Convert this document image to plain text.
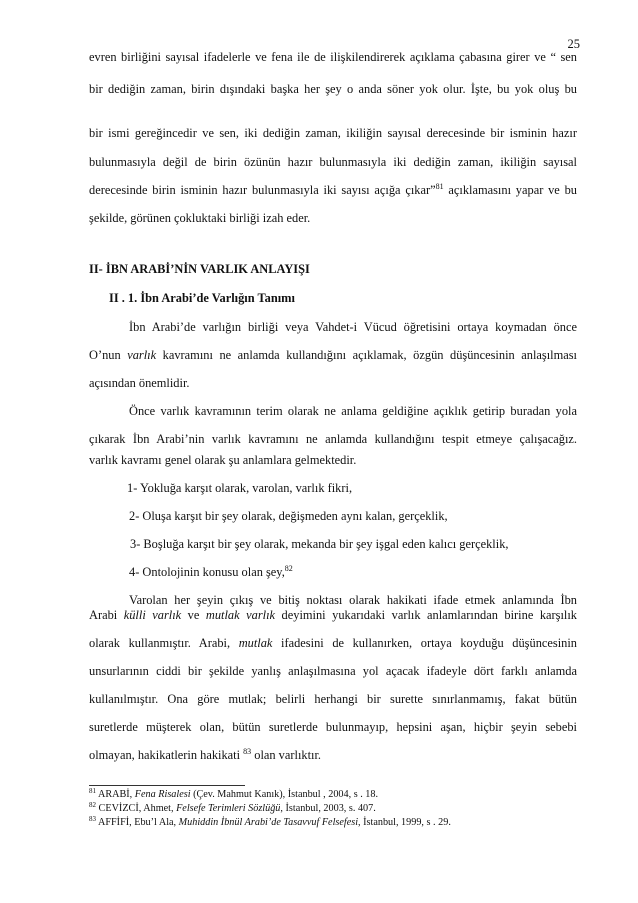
25
evren birliğini sayısal ifadelerle ve fena ile de ilişkilendirerek açıklama çabasına girer ve “ sen
bir dediğin zaman, birin dışındaki başka her şey o anda söner yok olur. İşte, bu yok oluş bu
bir ismi gereğincedir ve sen, iki dediğin zaman, ikiliğin sayısal derecesinde bir isminin hazır
bulunmasıyla değil de birin özünün hazır bulunmasıyla iki dediğin zaman, ikiliğin sayısal
derecesinde birin isminin hazır bulunmasıyla iki sayısı açığa çıkar”$^{81}$ açıklamasını yapar ve bu
şekilde, görünen çokluktaki birliği izah eder.
II- İBN ARABİ’NİN VARLIK ANLAYIŞI
II . 1. İbn Arabi’de Varlığın Tanımı
İbn Arabi’de varlığın birliği veya Vahdet-i Vücud öğretisini ortaya koymadan önce
O’nun varlık kavramını ne anlamda kullandığını açıklamak, özgün düşüncesinin anlaşılması
açısından önemlidir.
Önce varlık kavramının terim olarak ne anlama geldiğine açıklık getirip buradan yola
çıkarak İbn Arabi’nin varlık kavramını ne anlamda kullandığını tespit etmeye çalışacağız.
varlık kavramı genel olarak şu anlamlara gelmektedir.
1- Yokluğa karşıt olarak, varolan, varlık fikri,
2- Oluşa karşıt bir şey olarak, değişmeden aynı kalan, gerçeklik,
3- Boşluğa karşıt bir şey olarak, mekanda bir şey işgal eden kalıcı gerçeklik,
4- Ontolojinin konusu olan şey,$^{82}$
Varolan her şeyin çıkış ve bitiş noktası olarak hakikati ifade etmek anlamında İbn
Arabi külli varlık ve mutlak varlık deyimini yukarıdaki varlık anlamlarından birine karşılık
olarak kullanmıştır. Arabi, mutlak ifadesini de kullanırken, ortaya koyduğu düşüncesinin
unsurlarının ciddi bir şekilde yanlış anlaşılmasına yol açacak ifadeyle dört farklı anlamda
kullanılmıştır. Ona göre mutlak; belirli herhangi bir surette sınırlanmamış, fakat bütün
suretlerde müşterek olan, bütün suretlerde bulunmayıp, hepsini aşan, hiçbir şeyin sebebi
olmayan, hakikatlerin hakikati $^{83}$ olan varlıktır.
$^{81}$ ARABİ, Fena Risalesi (Çev. Mahmut Kanık), İstanbul , 2004, s . 18.
$^{82}$ CEVİZCİ, Ahmet, Felsefe Terimleri Sözlüğü, İstanbul, 2003, s. 407.
$^{83}$ AFFİFİ, Ebu’l Ala, Muhiddin İbnül Arabi’de Tasavvuf Felsefesi, İstanbul, 1999, s . 29.
